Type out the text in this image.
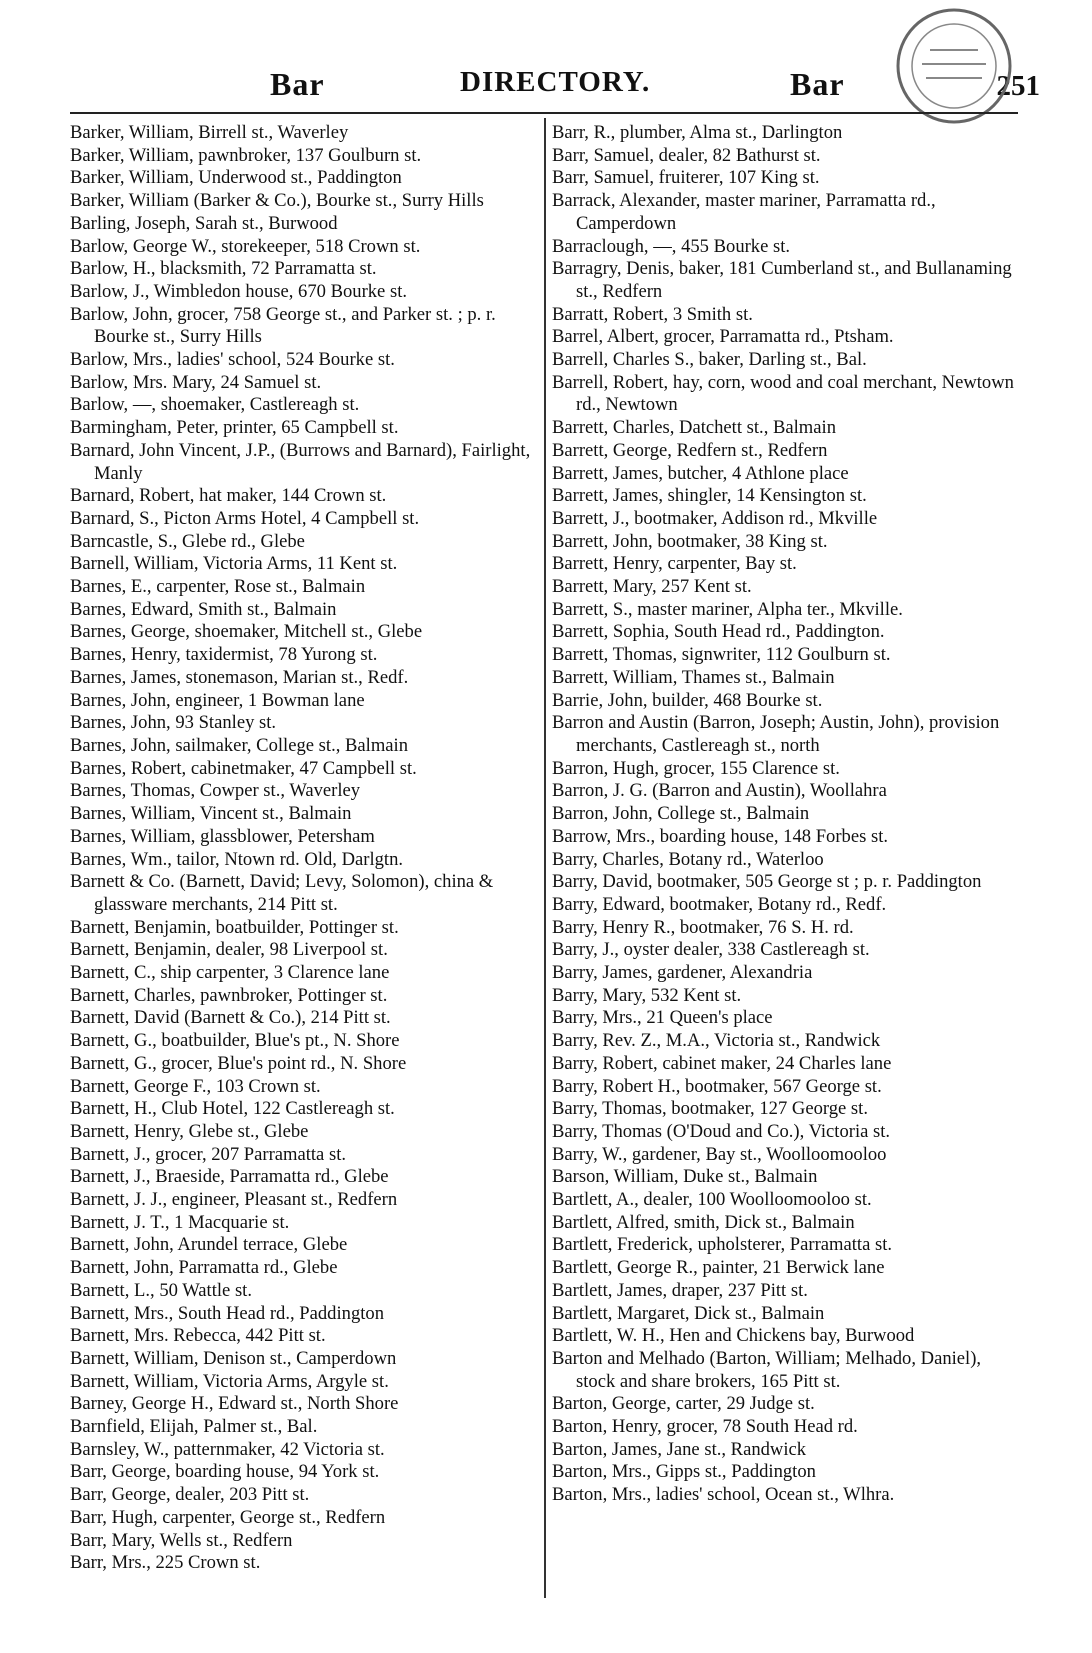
Bar	DIRECTORY.	Bar	251
Barker, William, Birrell st., Waverley
Barker, William, pawnbroker, 137 Goulburn st.
Barker, William, Underwood st., Paddington
Barker, William (Barker & Co.), Bourke st., Surry Hills
Barling, Joseph, Sarah st., Burwood
Barlow, George W., storekeeper, 518 Crown st.
Barlow, H., blacksmith, 72 Parramatta st.
Barlow, J., Wimbledon house, 670 Bourke st.
Barlow, John, grocer, 758 George st., and Parker st. ; p. r. Bourke st., Surry Hills
Barlow, Mrs., ladies' school, 524 Bourke st.
Barlow, Mrs. Mary, 24 Samuel st.
Barlow, —, shoemaker, Castlereagh st.
Barmingham, Peter, printer, 65 Campbell st.
Barnard, John Vincent, J.P., (Burrows and Barnard), Fairlight, Manly
Barnard, Robert, hat maker, 144 Crown st.
Barnard, S., Picton Arms Hotel, 4 Campbell st.
Barncastle, S., Glebe rd., Glebe
Barnell, William, Victoria Arms, 11 Kent st.
Barnes, E., carpenter, Rose st., Balmain
Barnes, Edward, Smith st., Balmain
Barnes, George, shoemaker, Mitchell st., Glebe
Barnes, Henry, taxidermist, 78 Yurong st.
Barnes, James, stonemason, Marian st., Redf.
Barnes, John, engineer, 1 Bowman lane
Barnes, John, 93 Stanley st.
Barnes, John, sailmaker, College st., Balmain
Barnes, Robert, cabinetmaker, 47 Campbell st.
Barnes, Thomas, Cowper st., Waverley
Barnes, William, Vincent st., Balmain
Barnes, William, glassblower, Petersham
Barnes, Wm., tailor, Ntown rd. Old, Darlgtn.
Barnett & Co. (Barnett, David; Levy, Solomon), china & glassware merchants, 214 Pitt st.
Barnett, Benjamin, boatbuilder, Pottinger st.
Barnett, Benjamin, dealer, 98 Liverpool st.
Barnett, C., ship carpenter, 3 Clarence lane
Barnett, Charles, pawnbroker, Pottinger st.
Barnett, David (Barnett & Co.), 214 Pitt st.
Barnett, G., boatbuilder, Blue's pt., N. Shore
Barnett, G., grocer, Blue's point rd., N. Shore
Barnett, George F., 103 Crown st.
Barnett, H., Club Hotel, 122 Castlereagh st.
Barnett, Henry, Glebe st., Glebe
Barnett, J., grocer, 207 Parramatta st.
Barnett, J., Braeside, Parramatta rd., Glebe
Barnett, J. J., engineer, Pleasant st., Redfern
Barnett, J. T., 1 Macquarie st.
Barnett, John, Arundel terrace, Glebe
Barnett, John, Parramatta rd., Glebe
Barnett, L., 50 Wattle st.
Barnett, Mrs., South Head rd., Paddington
Barnett, Mrs. Rebecca, 442 Pitt st.
Barnett, William, Denison st., Camperdown
Barnett, William, Victoria Arms, Argyle st.
Barney, George H., Edward st., North Shore
Barnfield, Elijah, Palmer st., Bal.
Barnsley, W., patternmaker, 42 Victoria st.
Barr, George, boarding house, 94 York st.
Barr, George, dealer, 203 Pitt st.
Barr, Hugh, carpenter, George st., Redfern
Barr, Mary, Wells st., Redfern
Barr, Mrs., 225 Crown st.
Barr, R., plumber, Alma st., Darlington
Barr, Samuel, dealer, 82 Bathurst st.
Barr, Samuel, fruiterer, 107 King st.
Barrack, Alexander, master mariner, Parramatta rd., Camperdown
Barraclough, —, 455 Bourke st.
Barragry, Denis, baker, 181 Cumberland st., and Bullanaming st., Redfern
Barratt, Robert, 3 Smith st.
Barrel, Albert, grocer, Parramatta rd., Ptsham.
Barrell, Charles S., baker, Darling st., Bal.
Barrell, Robert, hay, corn, wood and coal merchant, Newtown rd., Newtown
Barrett, Charles, Datchett st., Balmain
Barrett, George, Redfern st., Redfern
Barrett, James, butcher, 4 Athlone place
Barrett, James, shingler, 14 Kensington st.
Barrett, J., bootmaker, Addison rd., Mkville
Barrett, John, bootmaker, 38 King st.
Barrett, Henry, carpenter, Bay st.
Barrett, Mary, 257 Kent st.
Barrett, S., master mariner, Alpha ter., Mkville.
Barrett, Sophia, South Head rd., Paddington.
Barrett, Thomas, signwriter, 112 Goulburn st.
Barrett, William, Thames st., Balmain
Barrie, John, builder, 468 Bourke st.
Barron and Austin (Barron, Joseph; Austin, John), provision merchants, Castlereagh st., north
Barron, Hugh, grocer, 155 Clarence st.
Barron, J. G. (Barron and Austin), Woollahra
Barron, John, College st., Balmain
Barrow, Mrs., boarding house, 148 Forbes st.
Barry, Charles, Botany rd., Waterloo
Barry, David, bootmaker, 505 George st ; p. r. Paddington
Barry, Edward, bootmaker, Botany rd., Redf.
Barry, Henry R., bootmaker, 76 S. H. rd.
Barry, J., oyster dealer, 338 Castlereagh st.
Barry, James, gardener, Alexandria
Barry, Mary, 532 Kent st.
Barry, Mrs., 21 Queen's place
Barry, Rev. Z., M.A., Victoria st., Randwick
Barry, Robert, cabinet maker, 24 Charles lane
Barry, Robert H., bootmaker, 567 George st.
Barry, Thomas, bootmaker, 127 George st.
Barry, Thomas (O'Doud and Co.), Victoria st.
Barry, W., gardener, Bay st., Woolloomooloo
Barson, William, Duke st., Balmain
Bartlett, A., dealer, 100 Woolloomooloo st.
Bartlett, Alfred, smith, Dick st., Balmain
Bartlett, Frederick, upholsterer, Parramatta st.
Bartlett, George R., painter, 21 Berwick lane
Bartlett, James, draper, 237 Pitt st.
Bartlett, Margaret, Dick st., Balmain
Bartlett, W. H., Hen and Chickens bay, Burwood
Barton and Melhado (Barton, William; Melhado, Daniel), stock and share brokers, 165 Pitt st.
Barton, George, carter, 29 Judge st.
Barton, Henry, grocer, 78 South Head rd.
Barton, James, Jane st., Randwick
Barton, Mrs., Gipps st., Paddington
Barton, Mrs., ladies' school, Ocean st., Wlhra.
